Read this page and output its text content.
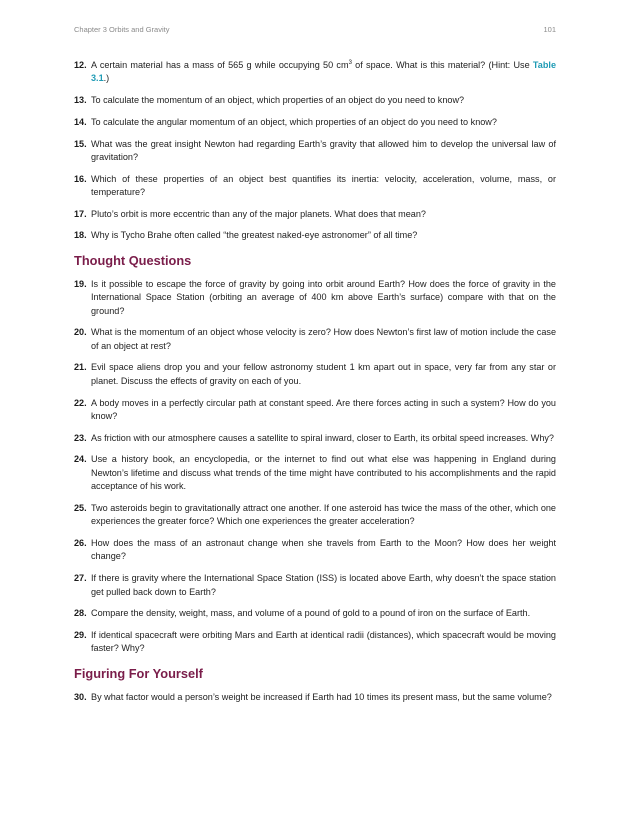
Chapter 3 Orbits and Gravity	101
12. A certain material has a mass of 565 g while occupying 50 $cm^3$ of space. What is this material? (Hint: Use Table 3.1.)
13. To calculate the momentum of an object, which properties of an object do you need to know?
14. To calculate the angular momentum of an object, which properties of an object do you need to know?
15. What was the great insight Newton had regarding Earth’s gravity that allowed him to develop the universal law of gravitation?
16. Which of these properties of an object best quantifies its inertia: velocity, acceleration, volume, mass, or temperature?
17. Pluto’s orbit is more eccentric than any of the major planets. What does that mean?
18. Why is Tycho Brahe often called “the greatest naked-eye astronomer” of all time?
Thought Questions
19. Is it possible to escape the force of gravity by going into orbit around Earth? How does the force of gravity in the International Space Station (orbiting an average of 400 km above Earth’s surface) compare with that on the ground?
20. What is the momentum of an object whose velocity is zero? How does Newton’s first law of motion include the case of an object at rest?
21. Evil space aliens drop you and your fellow astronomy student 1 km apart out in space, very far from any star or planet. Discuss the effects of gravity on each of you.
22. A body moves in a perfectly circular path at constant speed. Are there forces acting in such a system? How do you know?
23. As friction with our atmosphere causes a satellite to spiral inward, closer to Earth, its orbital speed increases. Why?
24. Use a history book, an encyclopedia, or the internet to find out what else was happening in England during Newton’s lifetime and discuss what trends of the time might have contributed to his accomplishments and the rapid acceptance of his work.
25. Two asteroids begin to gravitationally attract one another. If one asteroid has twice the mass of the other, which one experiences the greater force? Which one experiences the greater acceleration?
26. How does the mass of an astronaut change when she travels from Earth to the Moon? How does her weight change?
27. If there is gravity where the International Space Station (ISS) is located above Earth, why doesn’t the space station get pulled back down to Earth?
28. Compare the density, weight, mass, and volume of a pound of gold to a pound of iron on the surface of Earth.
29. If identical spacecraft were orbiting Mars and Earth at identical radii (distances), which spacecraft would be moving faster? Why?
Figuring For Yourself
30. By what factor would a person’s weight be increased if Earth had 10 times its present mass, but the same volume?
